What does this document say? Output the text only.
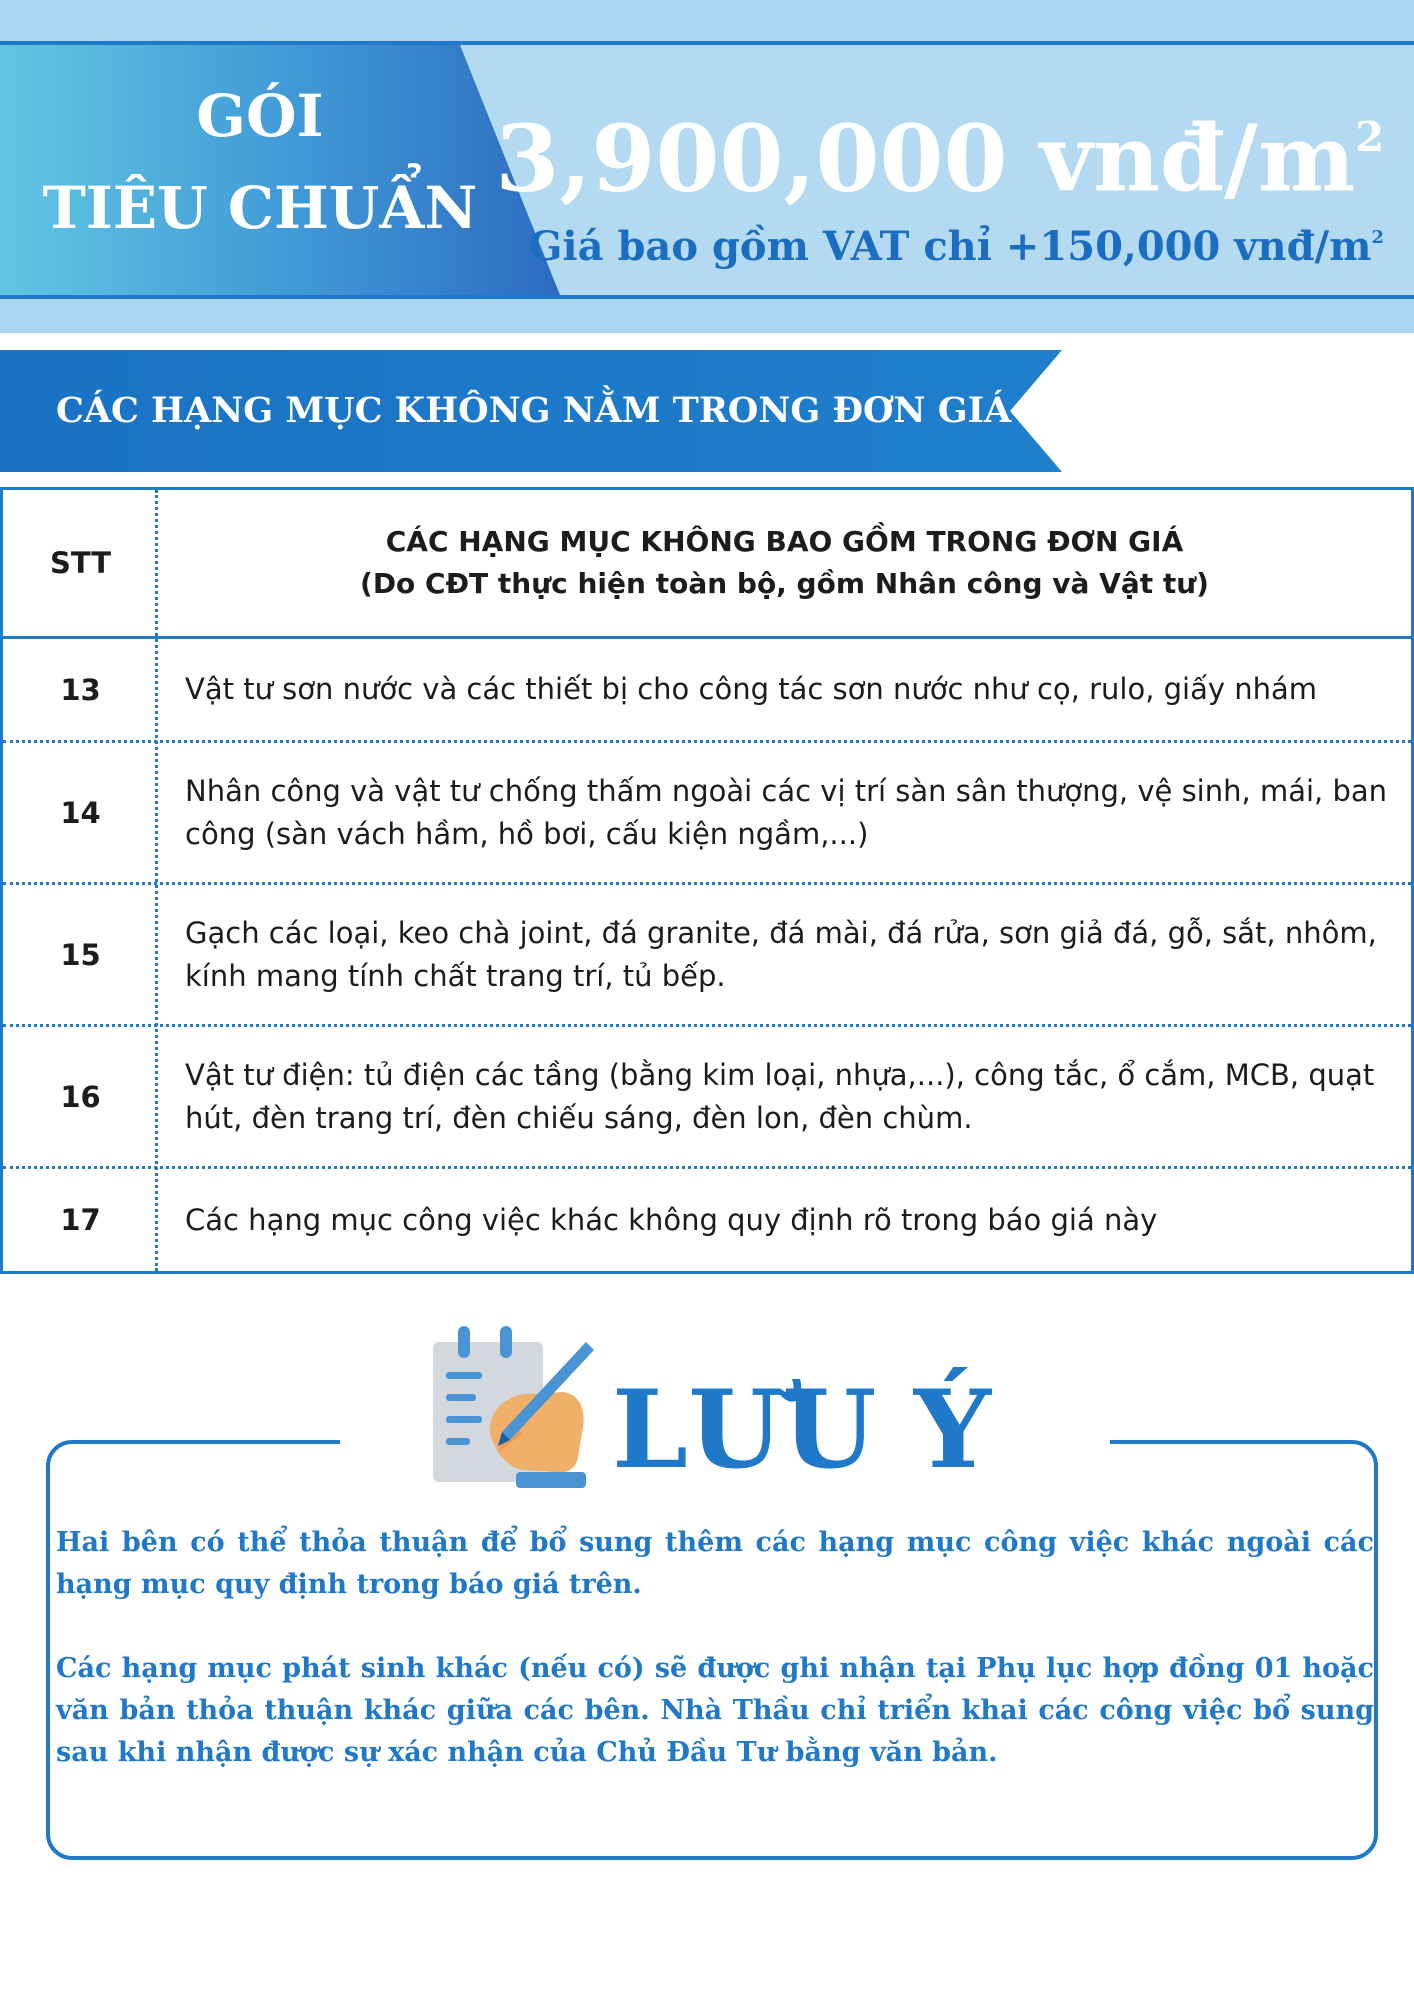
GÓI
TIÊU CHUẨN 3,900,000 vnđ/$m^2$
Giá bao gồm VAT chỉ +150,000 vnđ/$m^2$
CÁC HẠNG MỤC KHÔNG NẰM TRONG ĐƠN GIÁ
STT
CÁC HẠNG MỤC KHÔNG BAO GỒM TRONG ĐƠN GIÁ
(Do CĐT thực hiện toàn bộ, gồm Nhân công và Vật tư)
13	Vật tư sơn nước và các thiết bị cho công tác sơn nước như cọ, rulo, giấy nhám
14
Nhân công và vật tư chống thấm ngoài các vị trí sàn sân thượng, vệ sinh, mái, ban công (sàn vách hầm, hồ bơi, cấu kiện ngầm,...)
15
Gạch các loại, keo chà joint, đá granite, đá mài, đá rửa, sơn giả đá, gỗ, sắt, nhôm, kính mang tính chất trang trí, tủ bếp.
16
Vật tư điện: tủ điện các tầng (bằng kim loại, nhựa,...), công tắc, ổ cắm, MCB, quạt hút, đèn trang trí, đèn chiếu sáng, đèn lon, đèn chùm.
17	Các hạng mục công việc khác không quy định rõ trong báo giá này
LƯU Ý
Hai bên có thể thỏa thuận để bổ sung thêm các hạng mục công việc khác ngoài các hạng mục quy định trong báo giá trên.
Các hạng mục phát sinh khác (nếu có) sẽ được ghi nhận tại Phụ lục hợp đồng 01 hoặc văn bản thỏa thuận khác giữa các bên. Nhà Thầu chỉ triển khai các công việc bổ sung sau khi nhận được sự xác nhận của Chủ Đầu Tư bằng văn bản.
